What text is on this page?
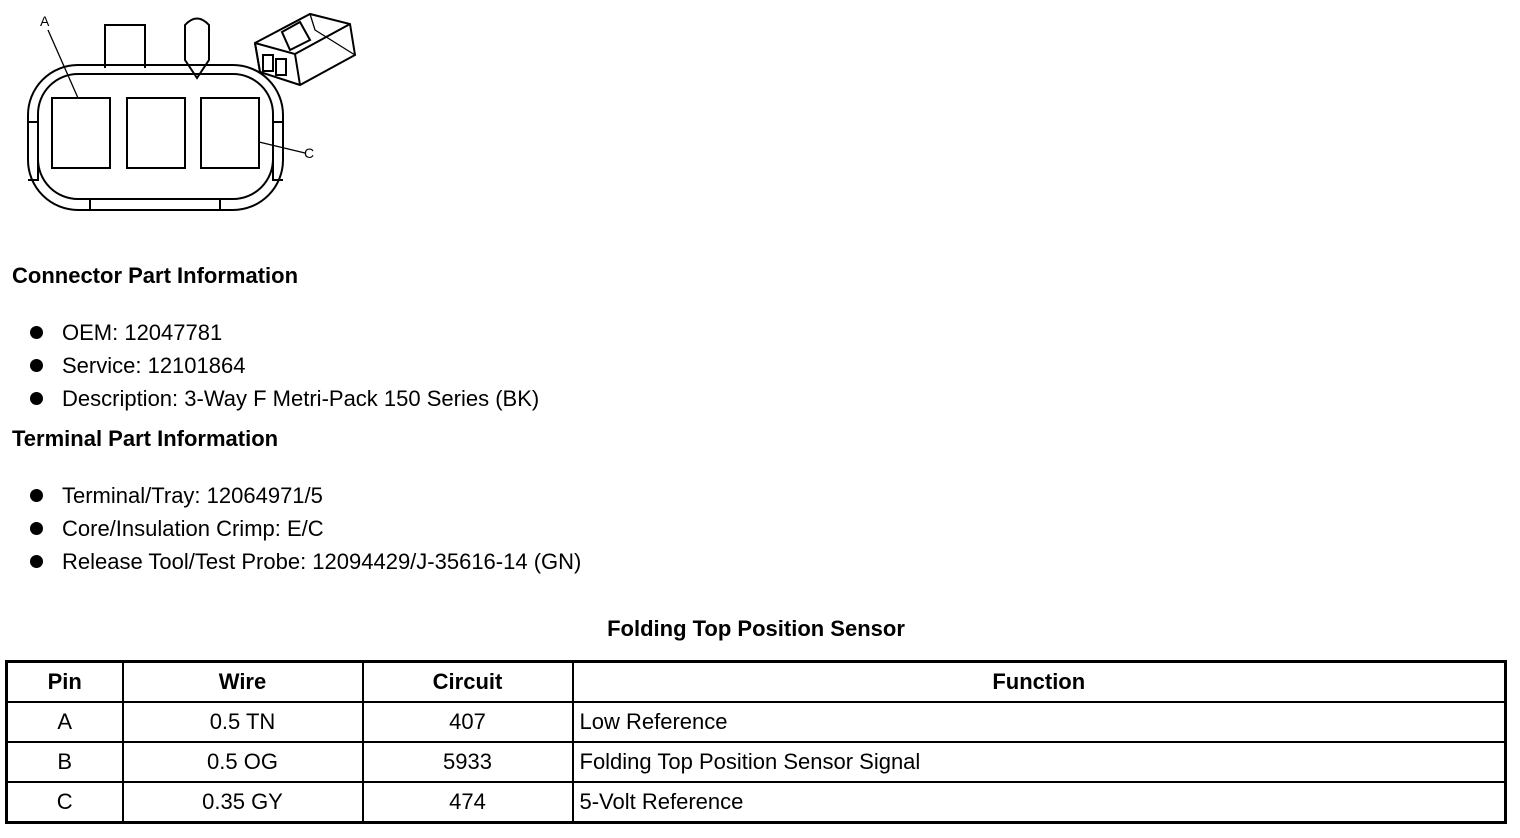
A
C
Connector Part Information
OEM: 12047781
Service: 12101864
Description: 3-Way F Metri-Pack 150 Series (BK)
Terminal Part Information
Terminal/Tray: 12064971/5
Core/Insulation Crimp: E/C
Release Tool/Test Probe: 12094429/J-35616-14 (GN)
Folding Top Position Sensor
Pin	Wire	Circuit	Function
A	0.5 TN	407	Low Reference
B	0.5 OG	5933	Folding Top Position Sensor Signal
C	0.35 GY	474	5-Volt Reference
